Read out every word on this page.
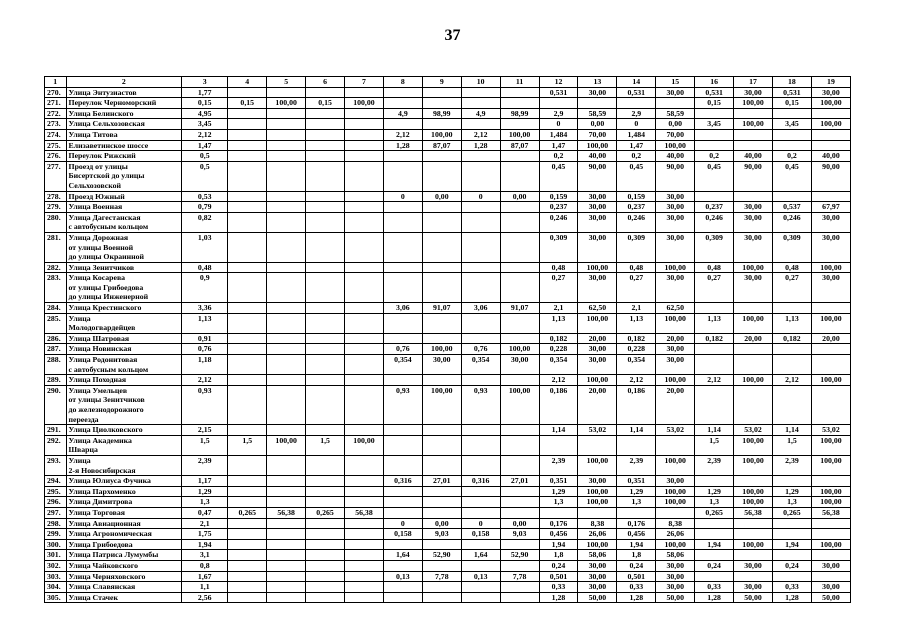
37
1	2	3	4	5	6	7	8	9	10	11	12	13	14	15	16	17	18	19
270.	Улица Энтузиастов	1,77									0,531	30,00	0,531	30,00	0,531	30,00	0,531	30,00
271.	Переулок Черноморский	0,15	0,15	100,00	0,15	100,00									0,15	100,00	0,15	100,00
272.	Улица Белинского	4,95					4,9	98,99	4,9	98,99	2,9	58,59	2,9	58,59				
273.	Улица Сельхозовская	3,45									0	0,00	0	0,00	3,45	100,00	3,45	100,00
274.	Улица Титова	2,12					2,12	100,00	2,12	100,00	1,484	70,00	1,484	70,00				
275.	Елизаветинское шоссе	1,47					1,28	87,07	1,28	87,07	1,47	100,00	1,47	100,00				
276.	Переулок Рижский	0,5									0,2	40,00	0,2	40,00	0,2	40,00	0,2	40,00
277.	Проезд от улицы
Бисертской до улицы
Сельхозовской	0,5									0,45	90,00	0,45	90,00	0,45	90,00	0,45	90,00
278.	Проезд Южный	0,53					0	0,00	0	0,00	0,159	30,00	0,159	30,00				
279.	Улица Военная	0,79									0,237	30,00	0,237	30,00	0,237	30,00	0,537	67,97
280.	Улица Дагестанская
с автобусным кольцом	0,82									0,246	30,00	0,246	30,00	0,246	30,00	0,246	30,00
281.	Улица Дорожная
от улицы Военной
до улицы Окраинной	1,03									0,309	30,00	0,309	30,00	0,309	30,00	0,309	30,00
282.	Улица Зенитчиков	0,48									0,48	100,00	0,48	100,00	0,48	100,00	0,48	100,00
283.	Улица Косарева
от улицы Грибоедова
до улицы Инженерной	0,9									0,27	30,00	0,27	30,00	0,27	30,00	0,27	30,00
284.	Улица Крестинского	3,36					3,06	91,07	3,06	91,07	2,1	62,50	2,1	62,50				
285.	Улица
Молодогвардейцев	1,13									1,13	100,00	1,13	100,00	1,13	100,00	1,13	100,00
286.	Улица Шатровая	0,91									0,182	20,00	0,182	20,00	0,182	20,00	0,182	20,00
287.	Улица Новинская	0,76					0,76	100,00	0,76	100,00	0,228	30,00	0,228	30,00				
288.	Улица Родонитовая
с автобусным кольцом	1,18					0,354	30,00	0,354	30,00	0,354	30,00	0,354	30,00				
289.	Улица Походная	2,12									2,12	100,00	2,12	100,00	2,12	100,00	2,12	100,00
290.	Улица Умельцев
от улицы Зенитчиков
до железнодорожного
переезда	0,93					0,93	100,00	0,93	100,00	0,186	20,00	0,186	20,00				
291.	Улица Циолковского	2,15									1,14	53,02	1,14	53,02	1,14	53,02	1,14	53,02
292.	Улица Академика
Шварца	1,5	1,5	100,00	1,5	100,00									1,5	100,00	1,5	100,00
293.	Улица
2-я Новосибирская	2,39									2,39	100,00	2,39	100,00	2,39	100,00	2,39	100,00
294.	Улица Юлиуса Фучика	1,17					0,316	27,01	0,316	27,01	0,351	30,00	0,351	30,00				
295.	Улица Пархоменко	1,29									1,29	100,00	1,29	100,00	1,29	100,00	1,29	100,00
296.	Улица Димитрова	1,3									1,3	100,00	1,3	100,00	1,3	100,00	1,3	100,00
297.	Улица Торговая	0,47	0,265	56,38	0,265	56,38									0,265	56,38	0,265	56,38
298.	Улица Авиационная	2,1					0	0,00	0	0,00	0,176	8,38	0,176	8,38				
299.	Улица Агрономическая	1,75					0,158	9,03	0,158	9,03	0,456	26,06	0,456	26,06				
300.	Улица Грибоедова	1,94									1,94	100,00	1,94	100,00	1,94	100,00	1,94	100,00
301.	Улица Патриса Лумумбы	3,1					1,64	52,90	1,64	52,90	1,8	58,06	1,8	58,06				
302.	Улица Чайковского	0,8									0,24	30,00	0,24	30,00	0,24	30,00	0,24	30,00
303.	Улица Черняховского	1,67					0,13	7,78	0,13	7,78	0,501	30,00	0,501	30,00				
304.	Улица Славянская	1,1									0,33	30,00	0,33	30,00	0,33	30,00	0,33	30,00
305.	Улица Стачек	2,56									1,28	50,00	1,28	50,00	1,28	50,00	1,28	50,00
